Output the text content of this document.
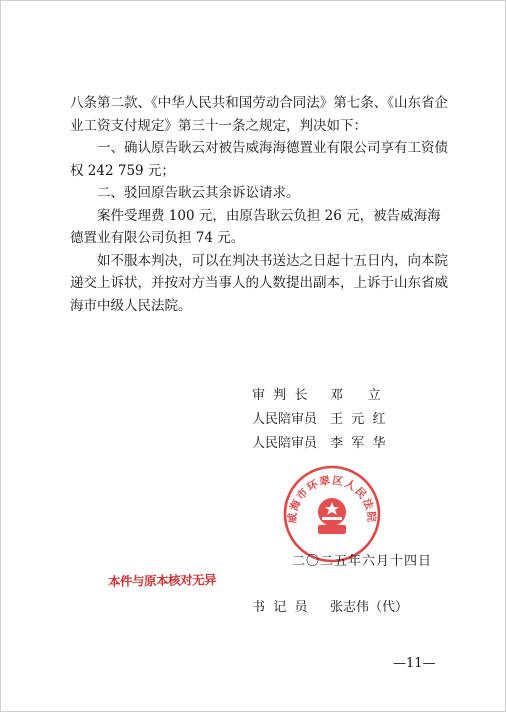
八条第二款、《中华人民共和国劳动合同法》第七条、《山东省企业工资支付规定》第三十一条之规定，判决如下：

一、确认原告耿云对被告威海海德置业有限公司享有工资债权 242 759 元；

二、驳回原告耿云其余诉讼请求。

案件受理费 100 元，由原告耿云负担 26 元，被告威海海德置业有限公司负担 74 元。

如不服本判决，可以在判决书送达之日起十五日内，向本院递交上诉状，并按对方当事人的人数提出副本，上诉于山东省威海市中级人民法院。

威海市环翠区人民法院
审  判  长	邓      立
人民陪审员 王  元  红
人民陪审员 李  军  华
二〇二五年六月十四日
本件与原本核对无异
书  记  员 张志伟（代）
—11—
